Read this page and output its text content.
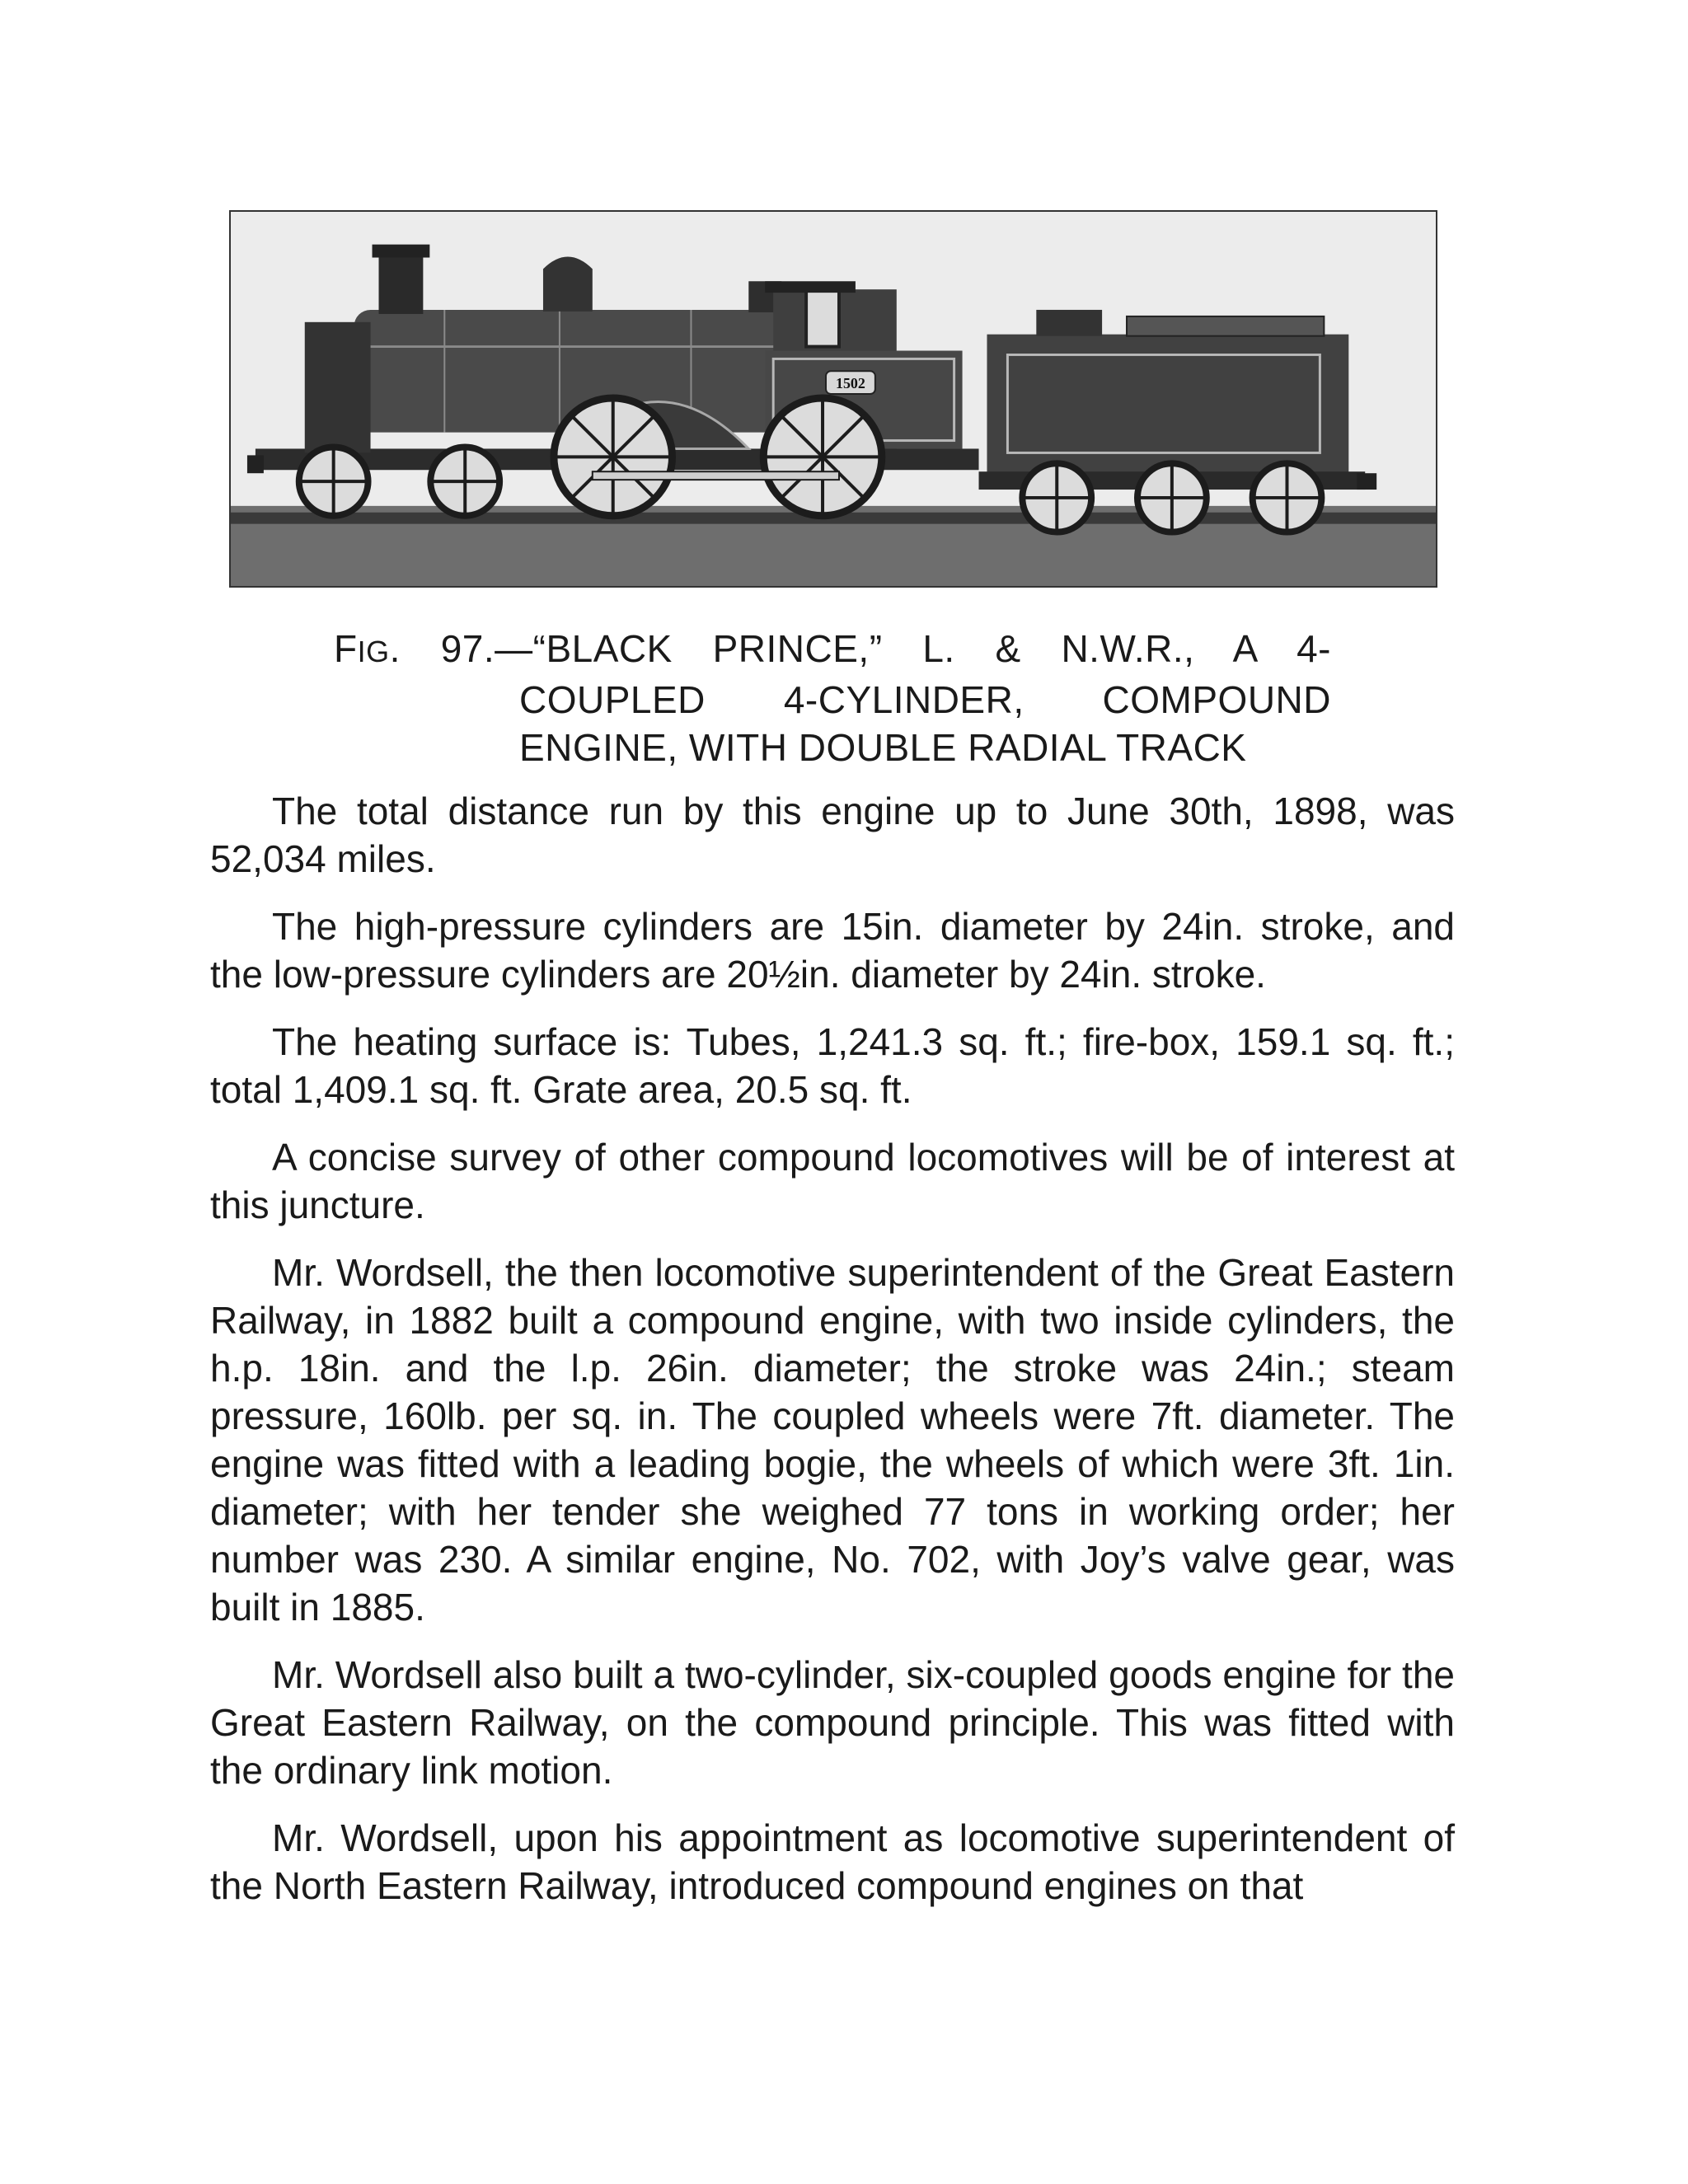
1502
FIG. 97.—“BLACK PRINCE,” L. & N.W.R., A 4-
COUPLED 4-CYLINDER, COMPOUND
ENGINE, WITH DOUBLE RADIAL TRACK

The total distance run by this engine up to June 30th, 1898, was 52,034 miles.

The high-pressure cylinders are 15in. diameter by 24in. stroke, and the low-pressure cylinders are 20½in. diameter by 24in. stroke.

The heating surface is: Tubes, 1,241.3 sq. ft.; fire-box, 159.1 sq. ft.; total 1,409.1 sq. ft. Grate area, 20.5 sq. ft.

A concise survey of other compound locomotives will be of interest at this juncture.

Mr. Wordsell, the then locomotive superintendent of the Great Eastern Railway, in 1882 built a compound engine, with two inside cylinders, the h.p. 18in. and the l.p. 26in. diameter; the stroke was 24in.; steam pressure, 160lb. per sq. in. The coupled wheels were 7ft. diameter. The engine was fitted with a leading bogie, the wheels of which were 3ft. 1in. diameter; with her tender she weighed 77 tons in working order; her number was 230. A similar engine, No. 702, with Joy’s valve gear, was built in 1885.

Mr. Wordsell also built a two-cylinder, six-coupled goods engine for the Great Eastern Railway, on the compound principle. This was fitted with the ordinary link motion.

Mr. Wordsell, upon his appointment as locomotive superintendent of the North Eastern Railway, introduced compound engines on that
